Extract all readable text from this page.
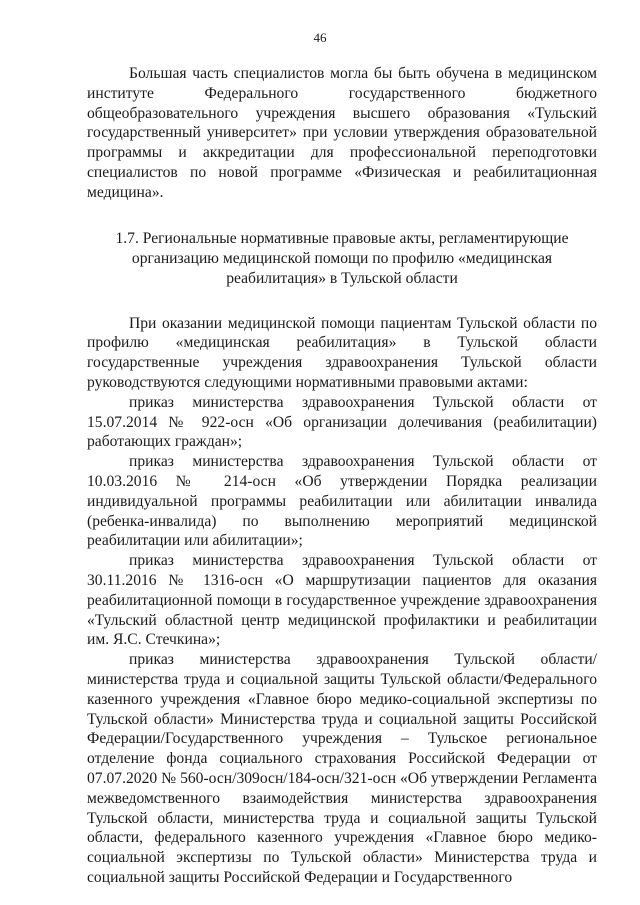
46

Большая часть специалистов могла бы быть обучена в медицинском институте Федерального государственного бюджетного общеобразовательного учреждения высшего образования «Тульский государственный университет» при условии утверждения образовательной программы и аккредитации для профессиональной переподготовки специалистов по новой программе «Физическая и реабилитационная медицина».

1.7. Региональные нормативные правовые акты, регламентирующие
организацию медицинской помощи по профилю «медицинская
реабилитация» в Тульской области

При оказании медицинской помощи пациентам Тульской области по профилю «медицинская реабилитация» в Тульской области государственные учреждения здравоохранения Тульской области руководствуются следующими нормативными правовыми актами:

приказ министерства здравоохранения Тульской области от 15.07.2014 № 922-осн «Об организации долечивания (реабилитации) работающих граждан»;

приказ министерства здравоохранения Тульской области от 10.03.2016 № 214-осн «Об утверждении Порядка реализации индивидуальной программы реабилитации или абилитации инвалида (ребенка-инвалида) по выполнению мероприятий медицинской реабилитации или абилитации»;

приказ министерства здравоохранения Тульской области от 30.11.2016 № 1316-осн «О маршрутизации пациентов для оказания реабилитационной помощи в государственное учреждение здравоохранения «Тульский областной центр медицинской профилактики и реабилитации им. Я.С. Стечкина»;

приказ министерства здравоохранения Тульской области/министерства труда и социальной защиты Тульской области/Федерального казенного учреждения «Главное бюро медико-социальной экспертизы по Тульской области» Министерства труда и социальной защиты Российской Федерации/Государственного учреждения – Тульское региональное отделение фонда социального страхования Российской Федерации от 07.07.2020 № 560-осн/309осн/184-осн/321-осн «Об утверждении Регламента межведомственного взаимодействия министерства здравоохранения Тульской области, министерства труда и социальной защиты Тульской области, федерального казенного учреждения «Главное бюро медико-социальной экспертизы по Тульской области» Министерства труда и социальной защиты Российской Федерации и Государственного
